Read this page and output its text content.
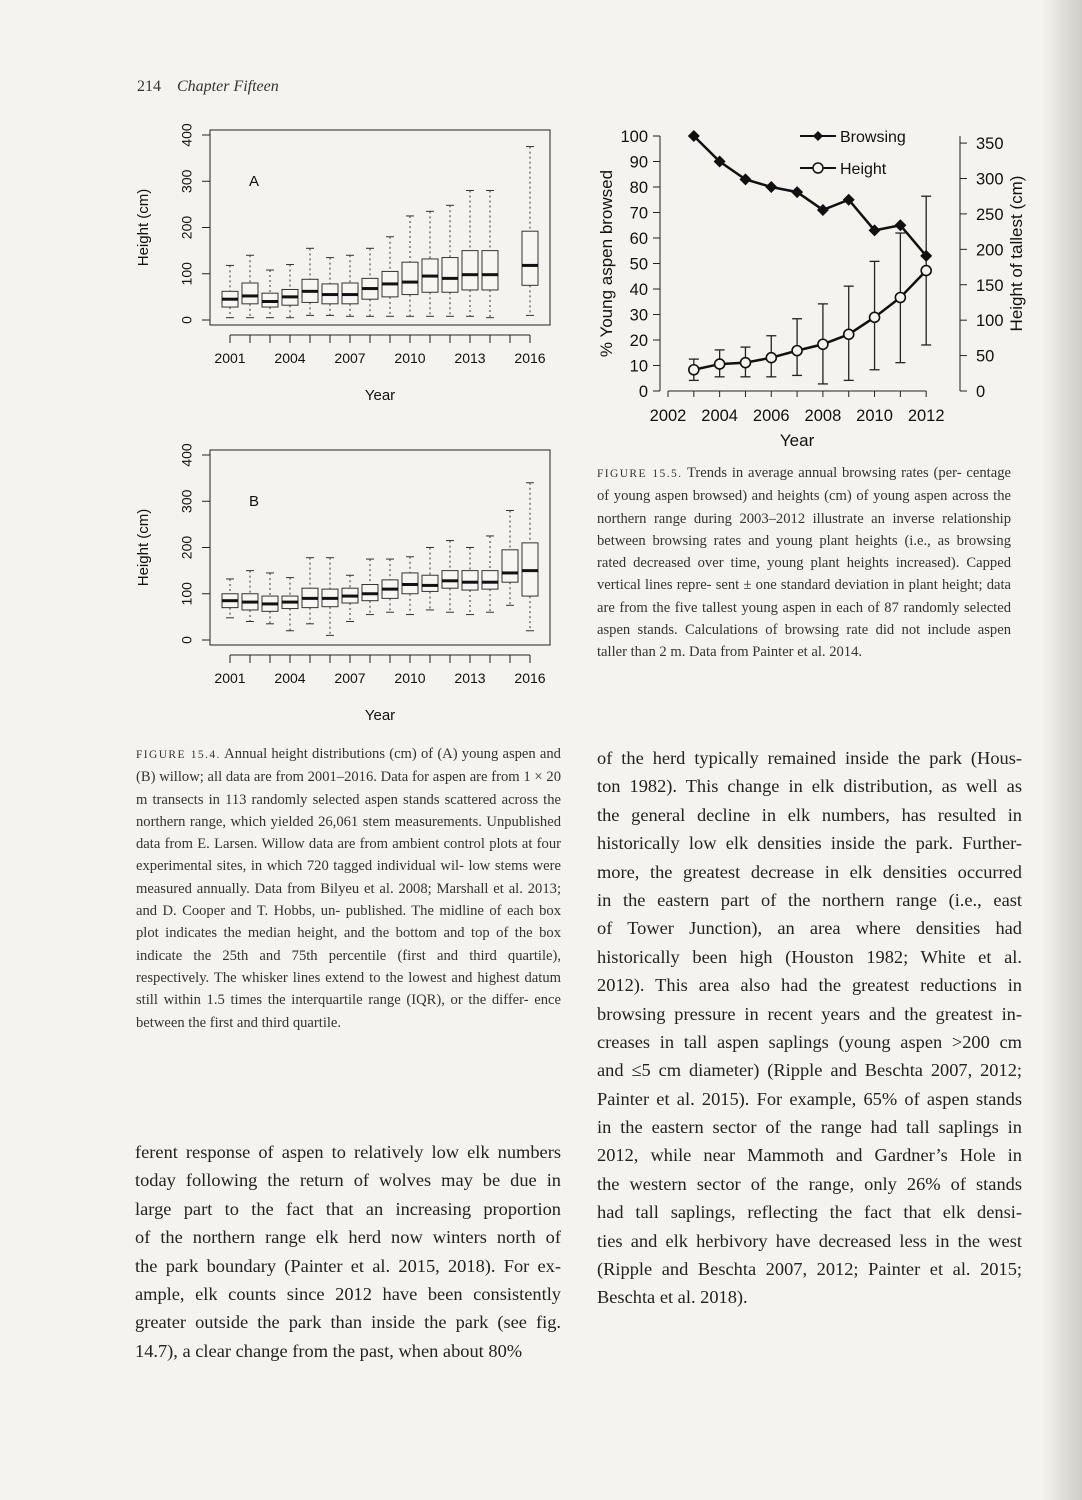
214 Chapter Fifteen
0
100
200
300
400
Height (cm)
2001 2004 2007 2010 2013 2016
Year
A
0
100
200
300
400
Height (cm)
2001 2004 2007 2010 2013 2016
Year
B
0
10
20
30
40
50
60
70
80
90
100
% Young aspen browsed
0
50
100
150
200
250
300
350
Height of tallest (cm)
2002 2004 2006 2008 2010 2012
Year
Browsing
Height
FIGURE 15.4. Annual height distributions (cm) of (A) young aspen and (B) willow; all data are from 2001–2016. Data for aspen are from 1 × 20 m transects in 113 randomly selected aspen stands scattered across the northern range, which yielded 26,061 stem measurements. Unpublished data from E. Larsen. Willow data are from ambient control plots at four experimental sites, in which 720 tagged individual wil- low stems were measured annually. Data from Bilyeu et al. 2008; Marshall et al. 2013; and D. Cooper and T. Hobbs, un- published. The midline of each box plot indicates the median height, and the bottom and top of the box indicate the 25th and 75th percentile (first and third quartile), respectively. The whisker lines extend to the lowest and highest datum still within 1.5 times the interquartile range (IQR), or the differ- ence between the first and third quartile.
FIGURE 15.5. Trends in average annual browsing rates (per- centage of young aspen browsed) and heights (cm) of young aspen across the northern range during 2003–2012 illustrate an inverse relationship between browsing rates and young plant heights (i.e., as browsing rated decreased over time, young plant heights increased). Capped vertical lines repre- sent ± one standard deviation in plant height; data are from the five tallest young aspen in each of 87 randomly selected aspen stands. Calculations of browsing rate did not include aspen taller than 2 m. Data from Painter et al. 2014.
ferent response of aspen to relatively low elk numbers
today following the return of wolves may be due in
large part to the fact that an increasing proportion
of the northern range elk herd now winters north of
the park boundary (Painter et al. 2015, 2018). For ex-
ample, elk counts since 2012 have been consistently
greater outside the park than inside the park (see fig.
14.7), a clear change from the past, when about 80%
of the herd typically remained inside the park (Hous-
ton 1982). This change in elk distribution, as well as
the general decline in elk numbers, has resulted in
historically low elk densities inside the park. Further-
more, the greatest decrease in elk densities occurred
in the eastern part of the northern range (i.e., east
of Tower Junction), an area where densities had
historically been high (Houston 1982; White et al.
2012). This area also had the greatest reductions in
browsing pressure in recent years and the greatest in-
creases in tall aspen saplings (young aspen >200 cm
and ≤5 cm diameter) (Ripple and Beschta 2007, 2012;
Painter et al. 2015). For example, 65% of aspen stands
in the eastern sector of the range had tall saplings in
2012, while near Mammoth and Gardner’s Hole in
the western sector of the range, only 26% of stands
had tall saplings, reflecting the fact that elk densi-
ties and elk herbivory have decreased less in the west
(Ripple and Beschta 2007, 2012; Painter et al. 2015;
Beschta et al. 2018).
